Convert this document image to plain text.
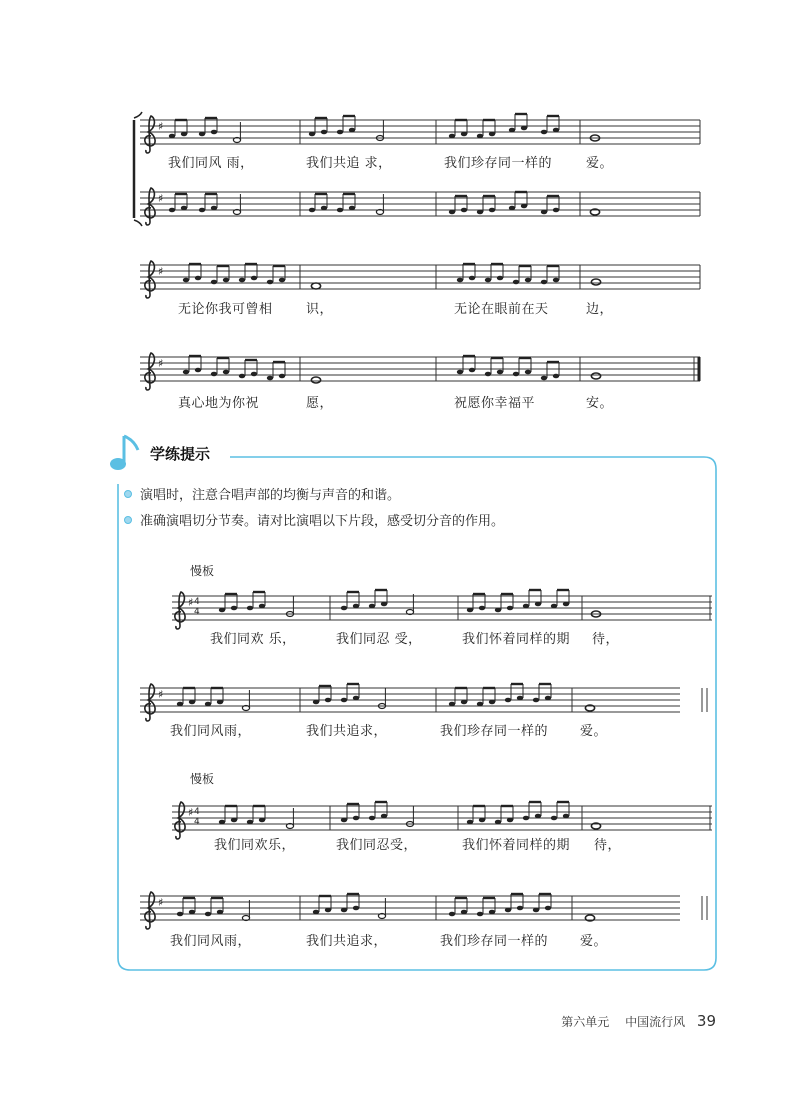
4
4
4
4
我们同风 雨，	我们共追 求，	我们珍存同一样的	爱。
无论你我可曾相	识，	无论在眼前在天	边，
真心地为你祝	愿，	祝愿你幸福平	安。
学练提示
演唱时，注意合唱声部的均衡与声音的和谐。
准确演唱切分节奏。请对比演唱以下片段，感受切分音的作用。
慢板
我们同欢 乐，	我们同忍 受，	我们怀着同样的期 待，
我们同风雨，	我们共追求，	我们珍存同一样的 爱。
慢板
我们同欢乐，	我们同忍受，	我们怀着同样的期 待，
我们同风雨，	我们共追求，	我们珍存同一样的 爱。
第六单元 中国流行风 39
